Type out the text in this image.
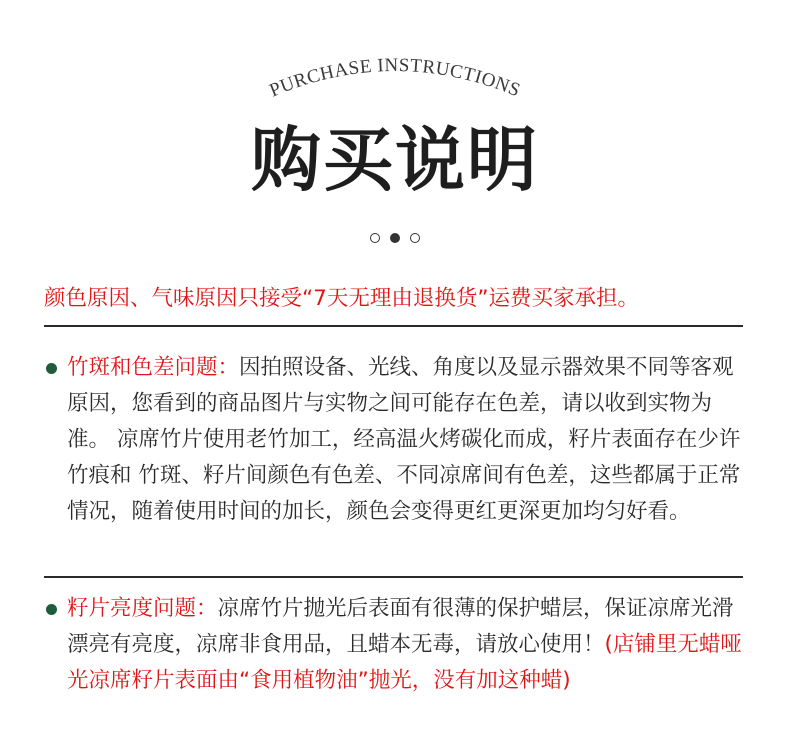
PURCHASE INSTRUCTIONS
购买说明

颜色原因、气味原因只接受“7天无理由退换货”运费买家承担。
竹斑和色差问题：因拍照设备、光线、角度以及显示器效果不同等客观原因，您看到的商品图片与实物之间可能存在色差，请以收到实物为准。 凉席竹片使用老竹加工，经高温火烤碳化而成，籽片表面存在少许竹痕和 竹斑、籽片间颜色有色差、不同凉席间有色差，这些都属于正常情况，随着使用时间的加长，颜色会变得更红更深更加均匀好看。
籽片亮度问题：凉席竹片抛光后表面有很薄的保护蜡层，保证凉席光滑漂亮有亮度，凉席非食用品，且蜡本无毒，请放心使用！(店铺里无蜡哑光凉席籽片表面由“食用植物油”抛光，没有加这种蜡)
